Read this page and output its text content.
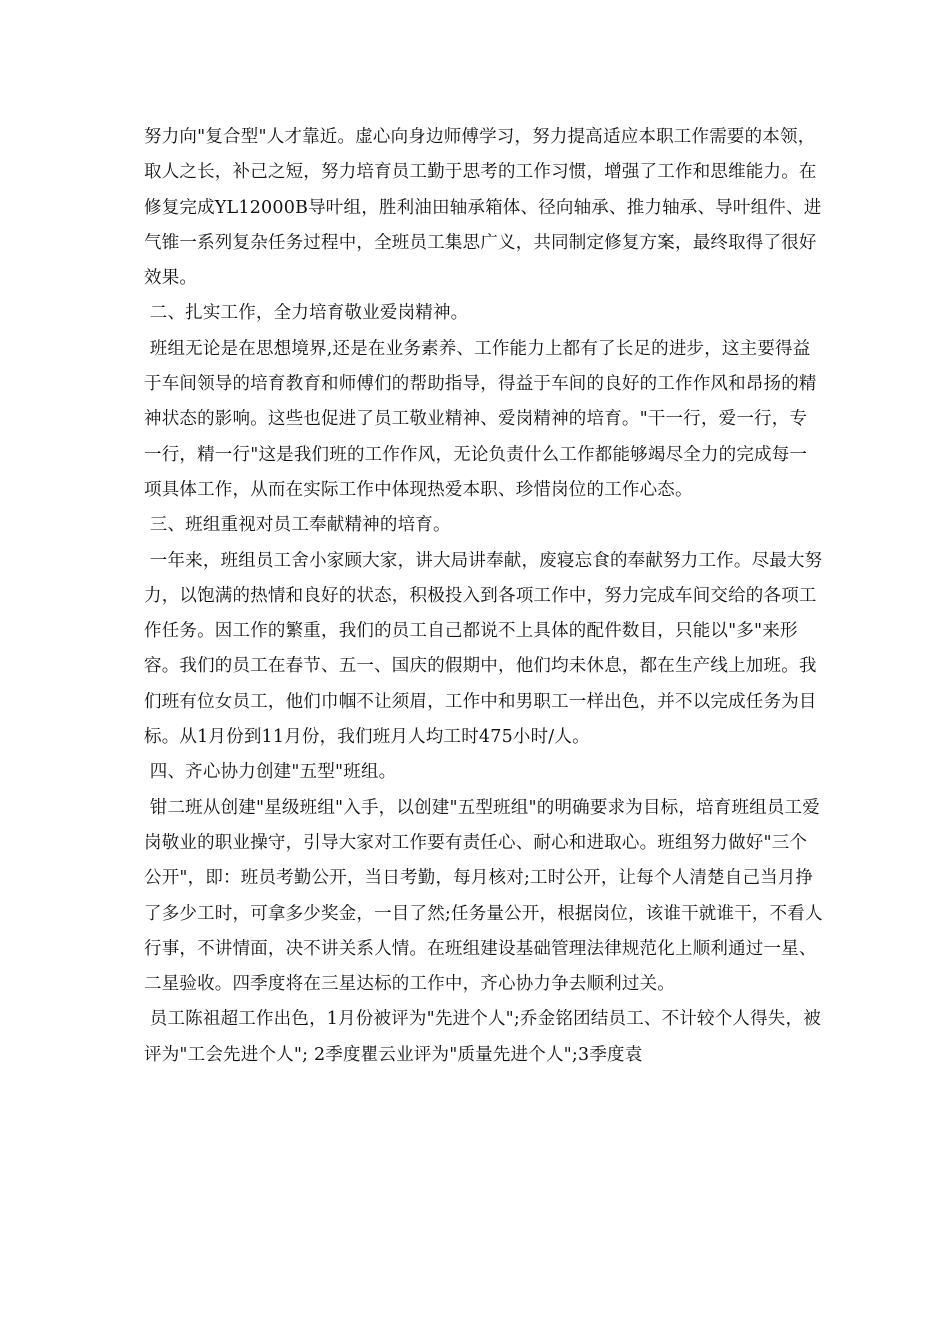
努力向"复合型"人才靠近。虚心向身边师傅学习，努力提高适应本职工作需要的本领，取人之长，补己之短，努力培育员工勤于思考的工作习惯，增强了工作和思维能力。在修复完成YL12000B导叶组，胜利油田轴承箱体、径向轴承、推力轴承、导叶组件、进气锥一系列复杂任务过程中，全班员工集思广义，共同制定修复方案，最终取得了很好效果。

二、扎实工作，全力培育敬业爱岗精神。

班组无论是在思想境界,还是在业务素养、工作能力上都有了长足的进步，这主要得益于车间领导的培育教育和师傅们的帮助指导，得益于车间的良好的工作作风和昂扬的精神状态的影响。这些也促进了员工敬业精神、爱岗精神的培育。"干一行，爱一行，专一行，精一行"这是我们班的工作作风，无论负责什么工作都能够竭尽全力的完成每一项具体工作，从而在实际工作中体现热爱本职、珍惜岗位的工作心态。

三、班组重视对员工奉献精神的培育。

一年来，班组员工舍小家顾大家，讲大局讲奉献，废寝忘食的奉献努力工作。尽最大努力，以饱满的热情和良好的状态，积极投入到各项工作中，努力完成车间交给的各项工作任务。因工作的繁重，我们的员工自己都说不上具体的配件数目，只能以"多"来形容。我们的员工在春节、五一、国庆的假期中，他们均未休息，都在生产线上加班。我们班有位女员工，他们巾帼不让须眉，工作中和男职工一样出色，并不以完成任务为目标。从1月份到11月份，我们班月人均工时475小时/人。

四、齐心协力创建"五型"班组。

钳二班从创建"星级班组"入手，以创建"五型班组"的明确要求为目标，培育班组员工爱岗敬业的职业操守，引导大家对工作要有责任心、耐心和进取心。班组努力做好"三个公开"，即：班员考勤公开，当日考勤，每月核对;工时公开，让每个人清楚自己当月挣了多少工时，可拿多少奖金，一目了然;任务量公开，根据岗位，该谁干就谁干，不看人行事，不讲情面，决不讲关系人情。在班组建设基础管理法律规范化上顺利通过一星、二星验收。四季度将在三星达标的工作中，齐心协力争去顺利过关。

员工陈祖超工作出色，1月份被评为"先进个人";乔金铭团结员工、不计较个人得失，被评为"工会先进个人"; 2季度瞿云业评为"质量先进个人";3季度袁
